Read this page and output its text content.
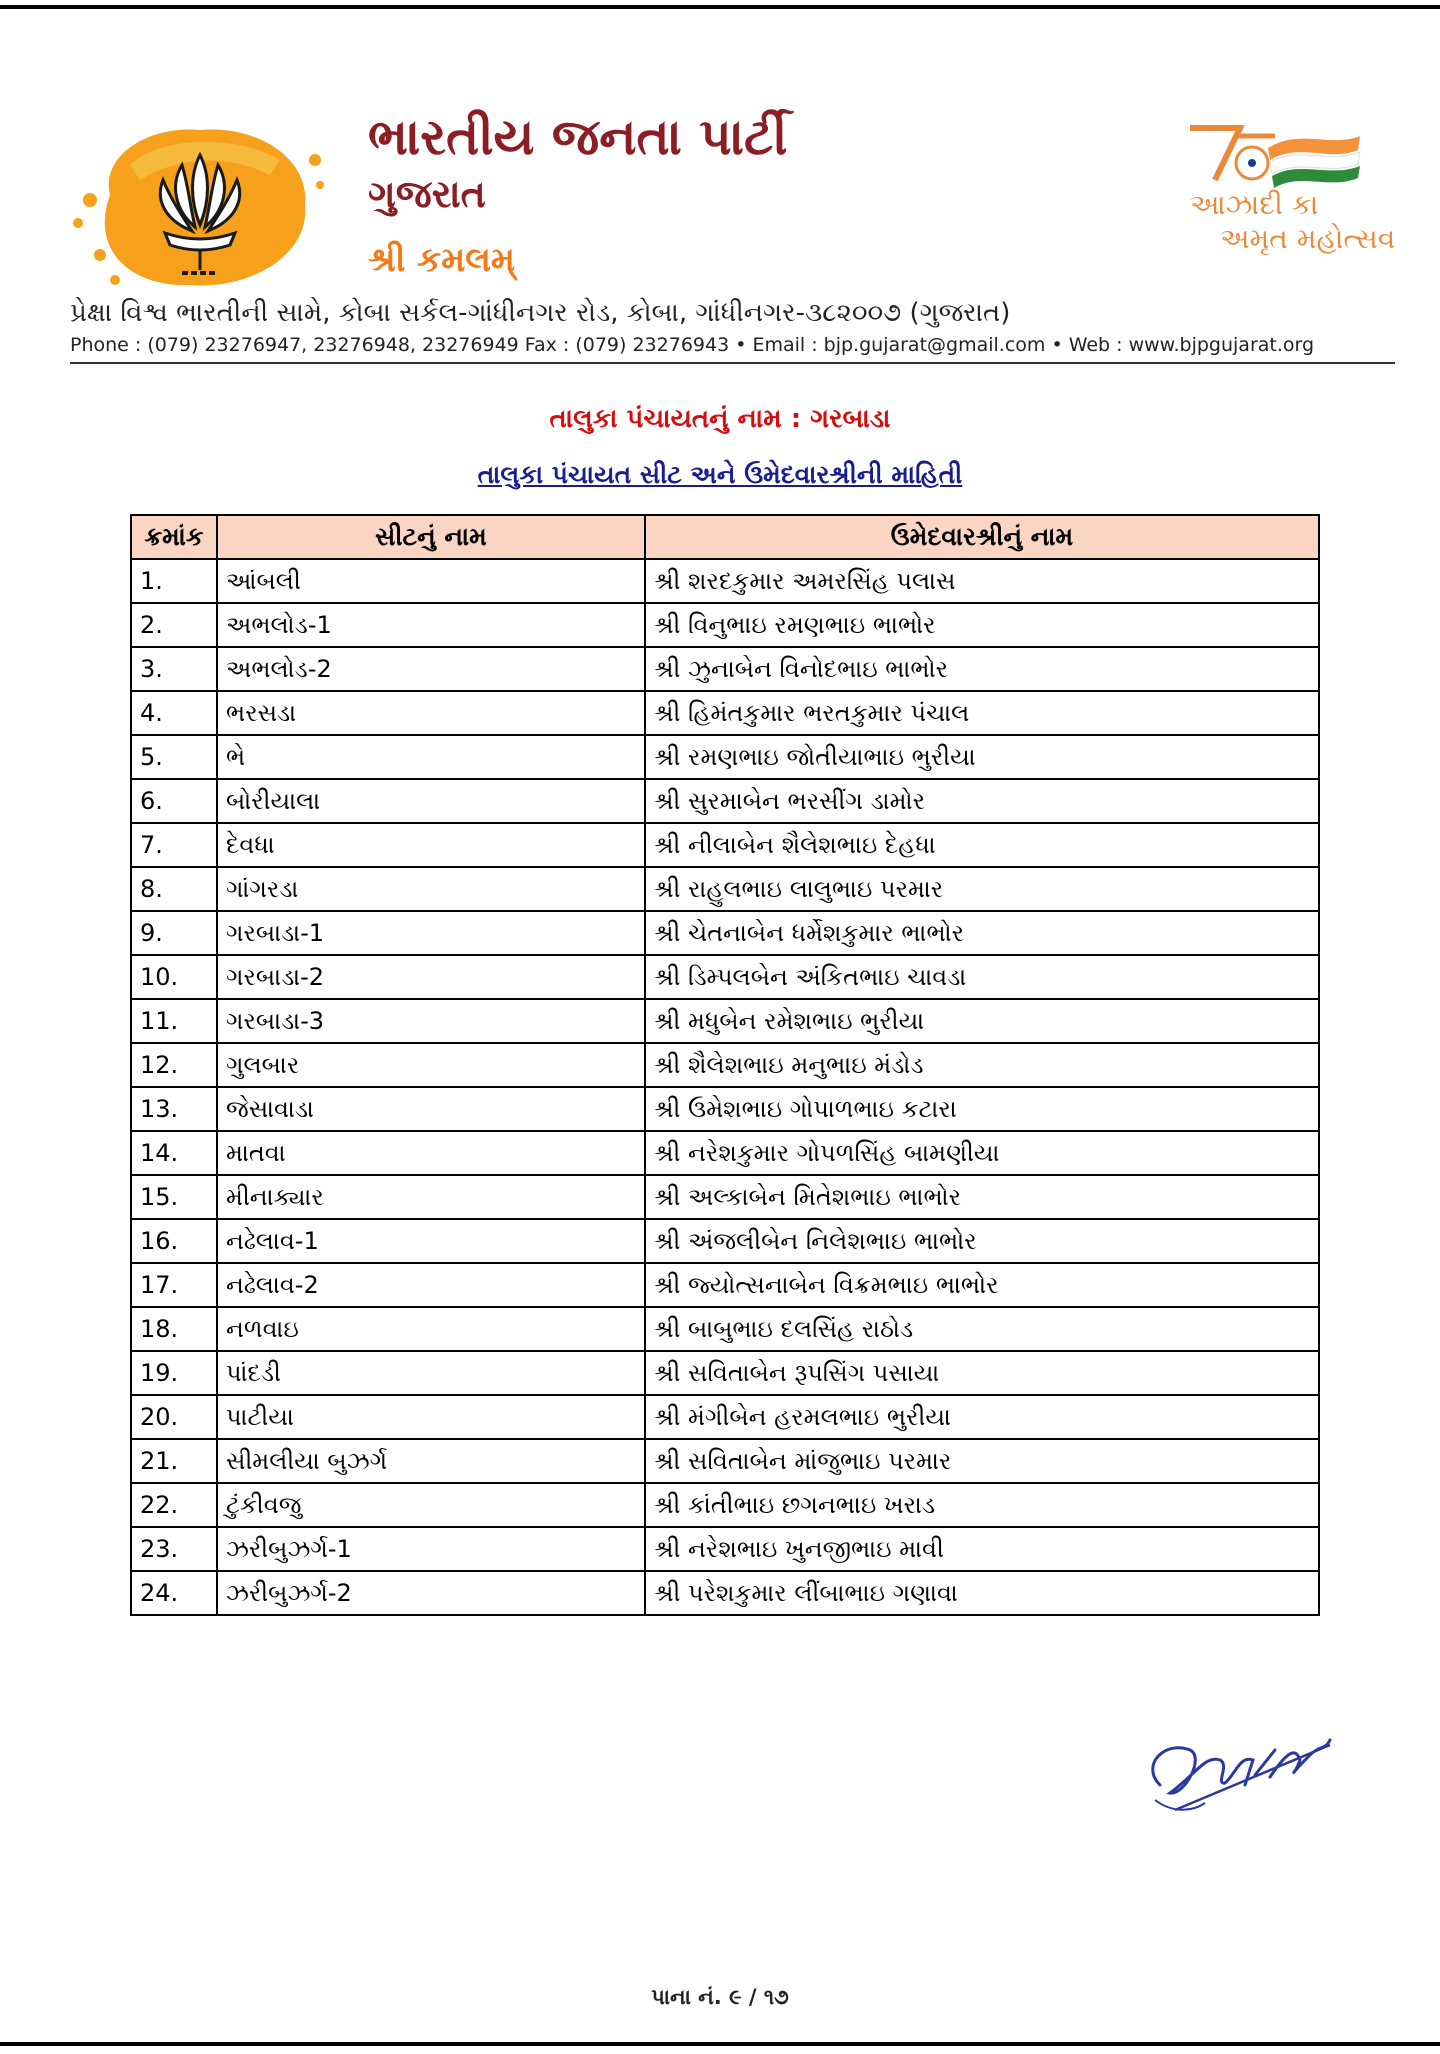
ભારતીય જનતા પાર્ટી
ગુજરાત
શ્રી કમલમ્
આઝાદી કા
અમૃત મહોત્સવ
પ્રેક્ષા વિશ્વ ભારતીની સામે, કોબા સર્કલ-ગાંધીનગર રોડ, કોબા, ગાંધીનગર-૩૮૨૦૦૭ (ગુજરાત)
Phone : (079) 23276947, 23276948, 23276949 Fax : (079) 23276943 • Email : bjp.gujarat@gmail.com • Web : www.bjpgujarat.org
તાલુકા પંચાયતનું નામ : ગરબાડા
તાલુકા પંચાયત સીટ અને ઉમેદવારશ્રીની માહિતી
ક્રમાંક	સીટનું નામ	ઉમેદવારશ્રીનું નામ
1.	આંબલી	શ્રી શરદકુમાર અમરસિંહ પલાસ
2.	અભલોડ-1	શ્રી વિનુભાઇ રમણભાઇ ભાભોર
3.	અભલોડ-2	શ્રી ઝુનાબેન વિનોદભાઇ ભાભોર
4.	ભરસડા	શ્રી હિમંતકુમાર ભરતકુમાર પંચાલ
5.	ભે	શ્રી રમણભાઇ જોતીયાભાઇ ભુરીયા
6.	બોરીયાલા	શ્રી સુરમાબેન ભરસીંગ ડામોર
7.	દેવધા	શ્રી નીલાબેન શૈલેશભાઇ દેહધા
8.	ગાંગરડા	શ્રી રાહુલભાઇ લાલુભાઇ પરમાર
9.	ગરબાડા-1	શ્રી ચેતનાબેન ધર્મેશકુમાર ભાભોર
10.	ગરબાડા-2	શ્રી ડિમ્પલબેન અંકિતભાઇ ચાવડા
11.	ગરબાડા-3	શ્રી મધુબેન રમેશભાઇ ભુરીયા
12.	ગુલબાર	શ્રી શૈલેશભાઇ મનુભાઇ મંડોડ
13.	જેસાવાડા	શ્રી ઉમેશભાઇ ગોપાળભાઇ કટારા
14.	માતવા	શ્રી નરેશકુમાર ગોપળસિંહ બામણીયા
15.	મીનાક્યાર	શ્રી અલ્કાબેન મિતેશભાઇ ભાભોર
16.	નઢેલાવ-1	શ્રી અંજલીબેન નિલેશભાઇ ભાભોર
17.	નઢેલાવ-2	શ્રી જ્યોત્સનાબેન વિક્રમભાઇ ભાભોર
18.	નળવાઇ	શ્રી બાબુભાઇ દલસિંહ રાઠોડ
19.	પાંદડી	શ્રી સવિતાબેન રૂપસિંગ પસાયા
20.	પાટીયા	શ્રી મંગીબેન હરમલભાઇ ભુરીયા
21.	સીમલીયા બુઝર્ગ	શ્રી સવિતાબેન માંજુભાઇ પરમાર
22.	ટુંકીવજુ	શ્રી કાંતીભાઇ છગનભાઇ ખરાડ
23.	ઝરીબુઝર્ગ-1	શ્રી નરેશભાઇ ખુનજીભાઇ માવી
24.	ઝરીબુઝર્ગ-2	શ્રી પરેશકુમાર લીંબાભાઇ ગણાવા
પાના નં. ૯ / ૧૭
